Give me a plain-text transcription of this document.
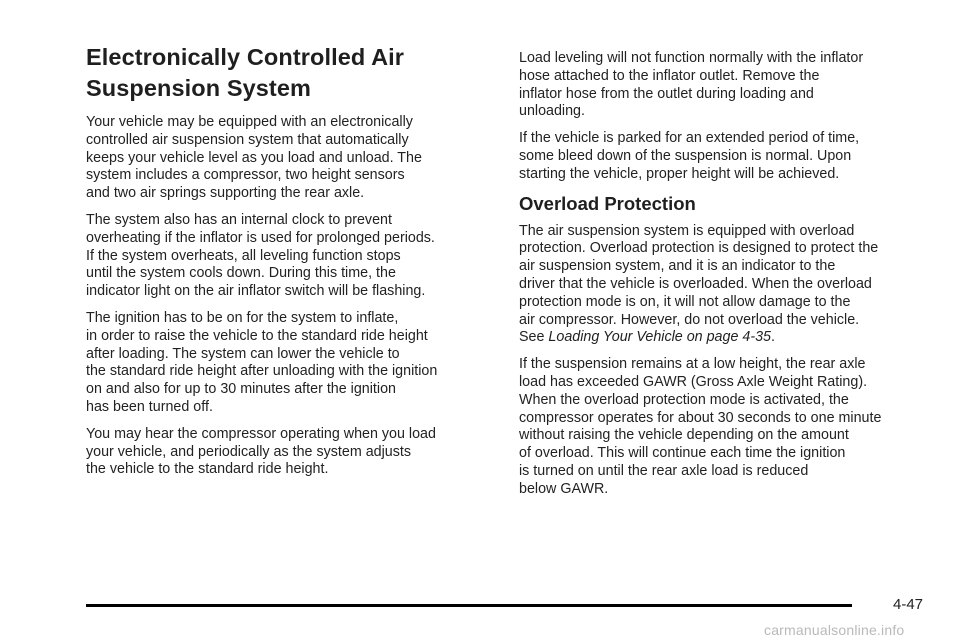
Electronically Controlled Air
Suspension System

Your vehicle may be equipped with an electronically
controlled air suspension system that automatically
keeps your vehicle level as you load and unload. The
system includes a compressor, two height sensors
and two air springs supporting the rear axle.

The system also has an internal clock to prevent
overheating if the inflator is used for prolonged periods.
If the system overheats, all leveling function stops
until the system cools down. During this time, the
indicator light on the air inflator switch will be flashing.

The ignition has to be on for the system to inflate,
in order to raise the vehicle to the standard ride height
after loading. The system can lower the vehicle to
the standard ride height after unloading with the ignition
on and also for up to 30 minutes after the ignition
has been turned off.

You may hear the compressor operating when you load
your vehicle, and periodically as the system adjusts
the vehicle to the standard ride height.

Load leveling will not function normally with the inflator
hose attached to the inflator outlet. Remove the
inflator hose from the outlet during loading and
unloading.

If the vehicle is parked for an extended period of time,
some bleed down of the suspension is normal. Upon
starting the vehicle, proper height will be achieved.

Overload Protection

The air suspension system is equipped with overload
protection. Overload protection is designed to protect the
air suspension system, and it is an indicator to the
driver that the vehicle is overloaded. When the overload
protection mode is on, it will not allow damage to the
air compressor. However, do not overload the vehicle.
See Loading Your Vehicle on page 4-35.

If the suspension remains at a low height, the rear axle
load has exceeded GAWR (Gross Axle Weight Rating).
When the overload protection mode is activated, the
compressor operates for about 30 seconds to one minute
without raising the vehicle depending on the amount
of overload. This will continue each time the ignition
is turned on until the rear axle load is reduced
below GAWR.

4-47
carmanualsonline.info
